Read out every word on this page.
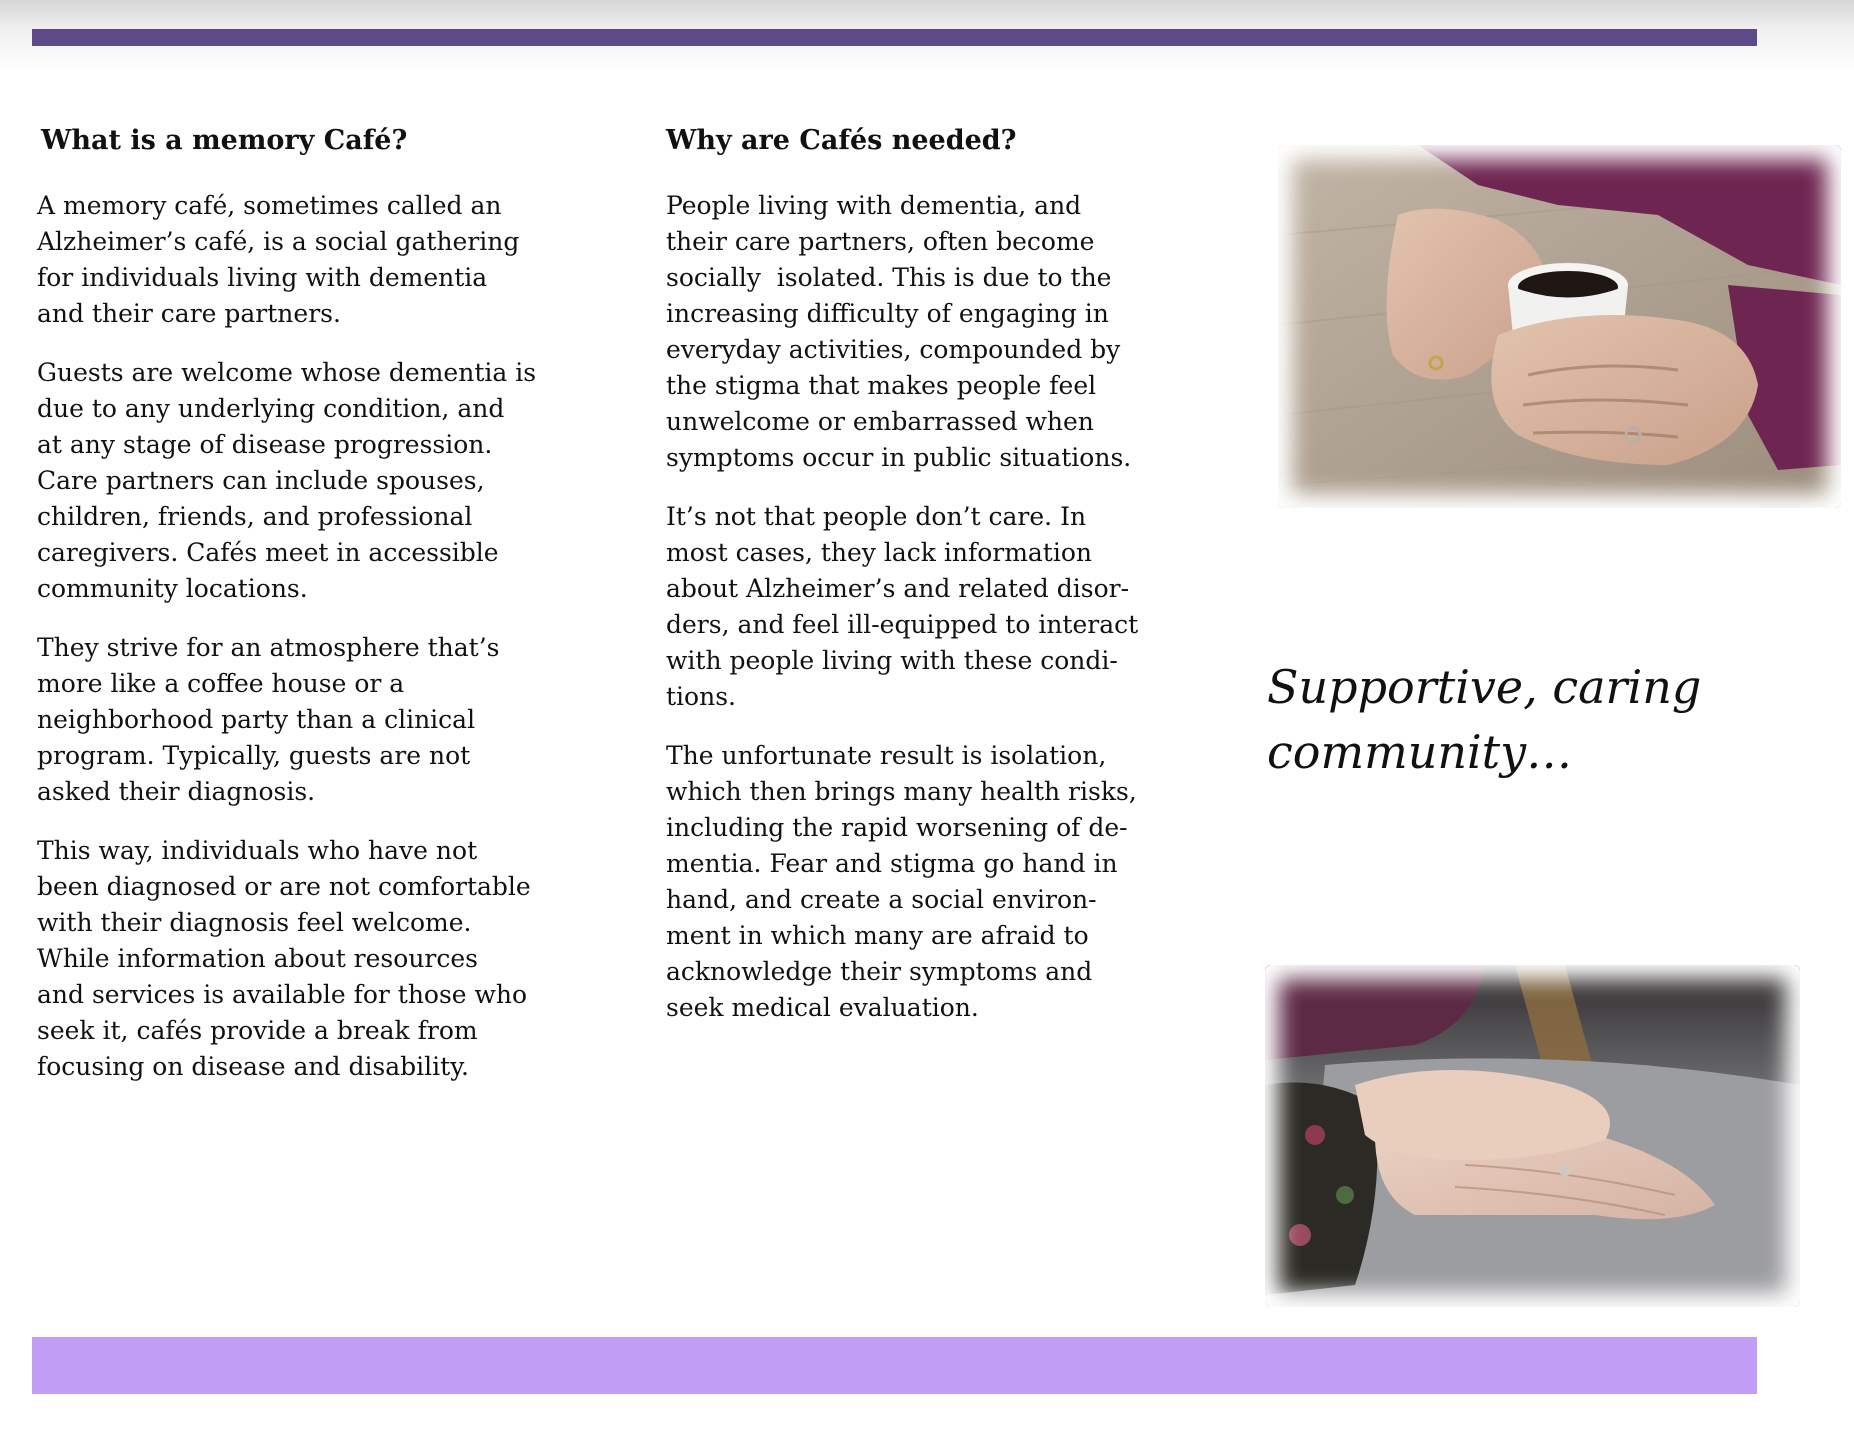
What is a memory Café?
A memory café, sometimes called an
Alzheimer’s café, is a social gathering
for individuals living with dementia
and their care partners.
Guests are welcome whose dementia is
due to any underlying condition, and
at any stage of disease progression.
Care partners can include spouses,
children, friends, and professional
caregivers. Cafés meet in accessible
community locations.
They strive for an atmosphere that’s
more like a coffee house or a
neighborhood party than a clinical
program. Typically, guests are not
asked their diagnosis.
This way, individuals who have not
been diagnosed or are not comfortable
with their diagnosis feel welcome.
While information about resources
and services is available for those who
seek it, cafés provide a break from
focusing on disease and disability.
Why are Cafés needed?
People living with dementia, and
their care partners, often become
socially  isolated. This is due to the
increasing difficulty of engaging in
everyday activities, compounded by
the stigma that makes people feel
unwelcome or embarrassed when
symptoms occur in public situations.
It’s not that people don’t care. In
most cases, they lack information
about Alzheimer’s and related disor-
ders, and feel ill-equipped to interact
with people living with these condi-
tions.
The unfortunate result is isolation,
which then brings many health risks,
including the rapid worsening of de-
mentia. Fear and stigma go hand in
hand, and create a social environ-
ment in which many are afraid to
acknowledge their symptoms and
seek medical evaluation.
Supportive, caring
community…
